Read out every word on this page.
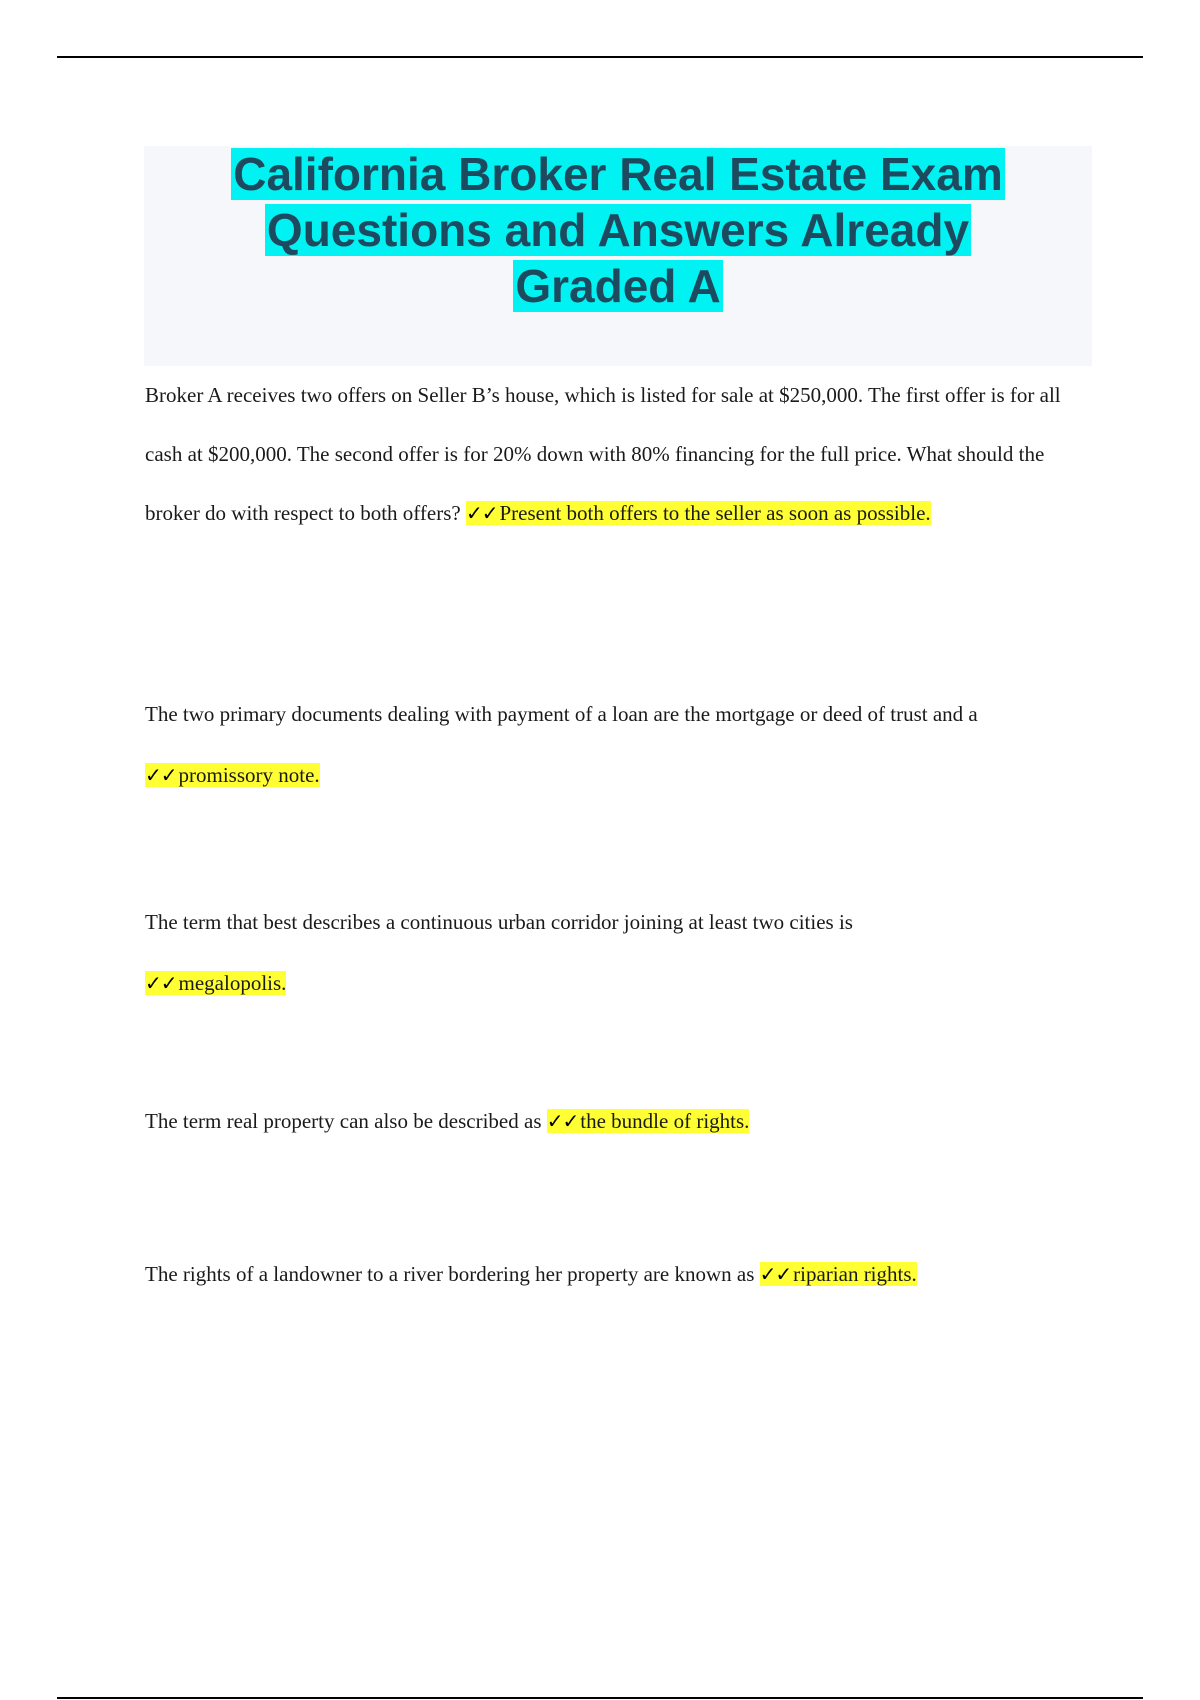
California Broker Real Estate Exam
Questions and Answers Already
Graded A

Broker A receives two offers on Seller B’s house, which is listed for sale at $250,000. The first offer is for all cash at $200,000. The second offer is for 20% down with 80% financing for the full price. What should the broker do with respect to both offers? ✓✓Present both offers to the seller as soon as possible.

The two primary documents dealing with payment of a loan are the mortgage or deed of trust and a ✓✓promissory note.

The term that best describes a continuous urban corridor joining at least two cities is
✓✓megalopolis.

The term real property can also be described as ✓✓the bundle of rights.

The rights of a landowner to a river bordering her property are known as ✓✓riparian rights.
